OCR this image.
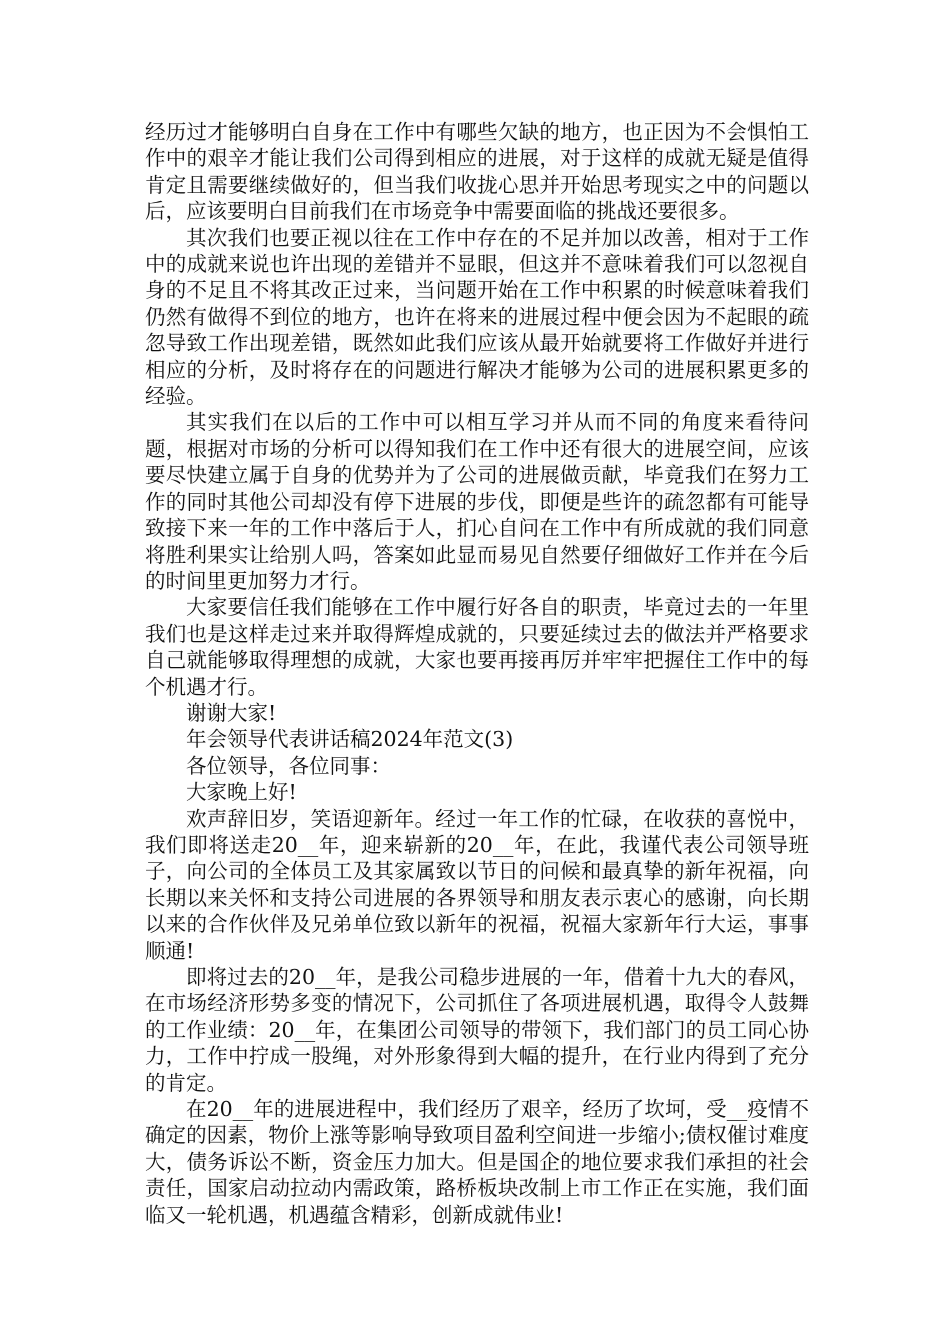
经历过才能够明白自身在工作中有哪些欠缺的地方，也正因为不会惧怕工作中的艰辛才能让我们公司得到相应的进展，对于这样的成就无疑是值得肯定且需要继续做好的，但当我们收拢心思并开始思考现实之中的问题以后，应该要明白目前我们在市场竞争中需要面临的挑战还要很多。

其次我们也要正视以往在工作中存在的不足并加以改善，相对于工作中的成就来说也许出现的差错并不显眼，但这并不意味着我们可以忽视自身的不足且不将其改正过来，当问题开始在工作中积累的时候意味着我们仍然有做得不到位的地方，也许在将来的进展过程中便会因为不起眼的疏忽导致工作出现差错，既然如此我们应该从最开始就要将工作做好并进行相应的分析，及时将存在的问题进行解决才能够为公司的进展积累更多的经验。

其实我们在以后的工作中可以相互学习并从而不同的角度来看待问题，根据对市场的分析可以得知我们在工作中还有很大的进展空间，应该要尽快建立属于自身的优势并为了公司的进展做贡献，毕竟我们在努力工作的同时其他公司却没有停下进展的步伐，即便是些许的疏忽都有可能导致接下来一年的工作中落后于人，扪心自问在工作中有所成就的我们同意将胜利果实让给别人吗，答案如此显而易见自然要仔细做好工作并在今后的时间里更加努力才行。

大家要信任我们能够在工作中履行好各自的职责，毕竟过去的一年里我们也是这样走过来并取得辉煌成就的，只要延续过去的做法并严格要求自己就能够取得理想的成就，大家也要再接再厉并牢牢把握住工作中的每个机遇才行。

谢谢大家!

年会领导代表讲话稿2024年范文(3)

各位领导，各位同事：

大家晚上好!

欢声辞旧岁，笑语迎新年。经过一年工作的忙碌，在收获的喜悦中，我们即将送走20__年，迎来崭新的20__年，在此，我谨代表公司领导班子，向公司的全体员工及其家属致以节日的问候和最真挚的新年祝福，向长期以来关怀和支持公司进展的各界领导和朋友表示衷心的感谢，向长期以来的合作伙伴及兄弟单位致以新年的祝福，祝福大家新年行大运，事事顺通!

即将过去的20__年，是我公司稳步进展的一年，借着十九大的春风，在市场经济形势多变的情况下，公司抓住了各项进展机遇，取得令人鼓舞的工作业绩：20__年，在集团公司领导的带领下，我们部门的员工同心协力，工作中拧成一股绳，对外形象得到大幅的提升，在行业内得到了充分的肯定。

在20__年的进展进程中，我们经历了艰辛，经历了坎坷，受__疫情不确定的因素，物价上涨等影响导致项目盈利空间进一步缩小;债权催讨难度大，债务诉讼不断，资金压力加大。但是国企的地位要求我们承担的社会责任，国家启动拉动内需政策，路桥板块改制上市工作正在实施，我们面临又一轮机遇，机遇蕴含精彩，创新成就伟业!
